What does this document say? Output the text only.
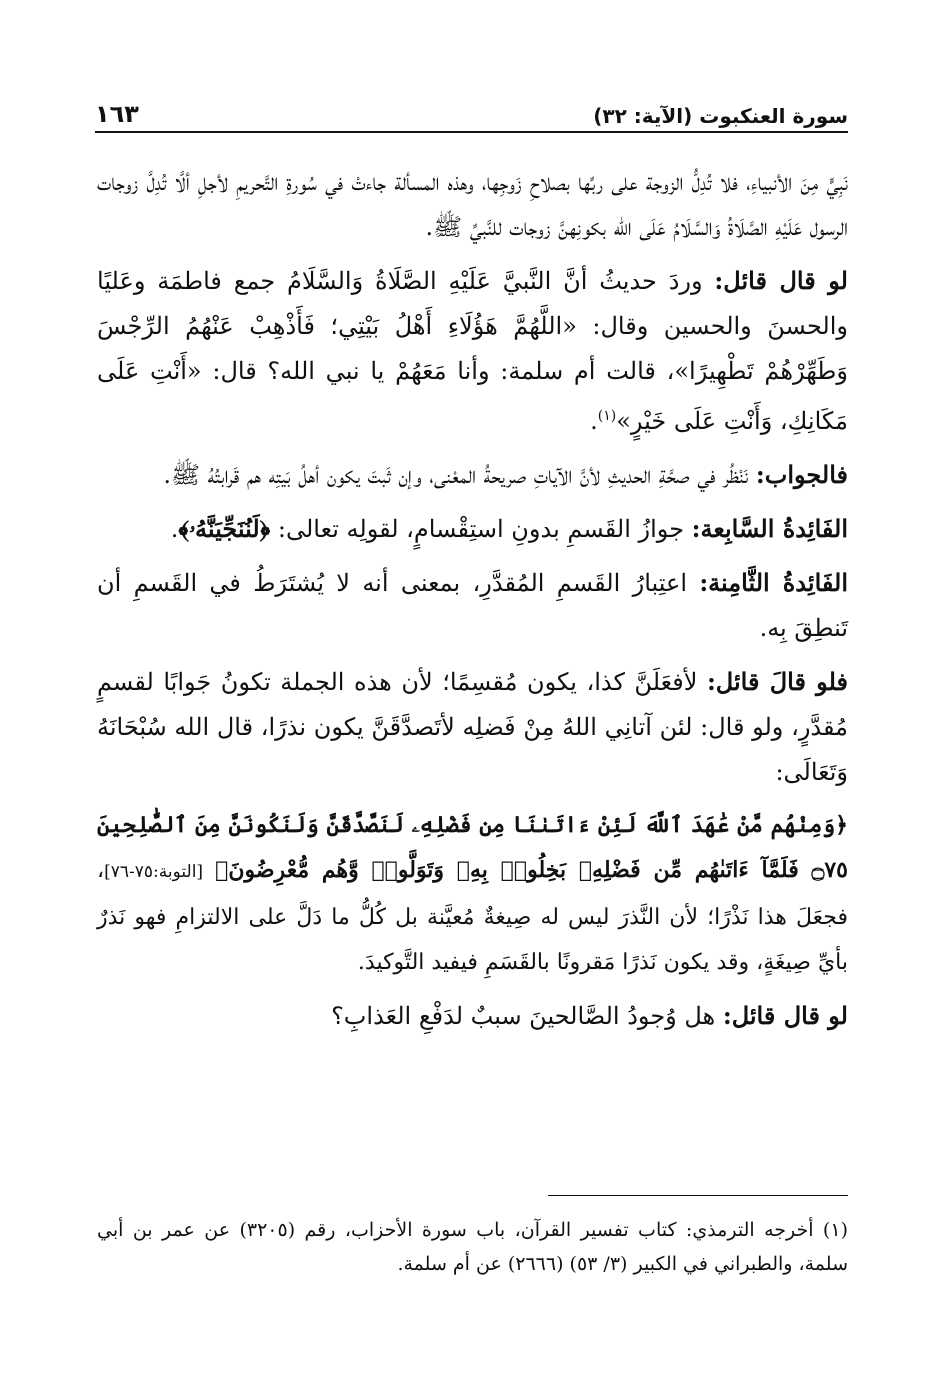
سورة العنكبوت (الآية: ٣٢)
١٦٣

نَبِيٍّ مِنَ الأنبياءِ، فلا تُدِلُّ الزوجة على ربِّها بصلاحِ زَوجِها، وهذه المسألة جاءتْ في سُورةِ التَّحريمِ لأجلِ ألَّا تُدِلَّ زوجات الرسول عَلَيْهِ الصَّلَاةُ وَالسَّلَامُ عَلَى الله بكونِهنَّ زوجات للنَّبيِّ ﷺ.

لو قال قائل: وردَ حديثُ أنَّ النَّبيَّ عَلَيْهِ الصَّلَاةُ وَالسَّلَامُ جمع فاطمَة وعَليًا والحسنَ والحسين وقال: «اللَّهُمَّ هَؤُلَاءِ أَهْلُ بَيْتِي؛ فَأَذْهِبْ عَنْهُمُ الرِّجْسَ وَطَهِّرْهُمْ تَطْهِيرًا»، قالت أم سلمة: وأنا مَعَهُمْ يا نبي الله؟ قال: «أَنْتِ عَلَى مَكَانِكِ، وَأَنْتِ عَلَى خَيْرٍ»$^{(١)}$.

فالجواب: نَنْظُر في صحَّةِ الحديثِ لأنَّ الآياتِ صريحةُ المعْنى، وإن ثَبتَ يكون أهلُ بَيتِه هم قَرابتُهُ ﷺ.

الفَائِدةُ السَّابِعة: جوازُ القَسمِ بدونِ استِقْسامٍ، لقولِه تعالى: ﴿لَنُنَجِّيَنَّهُۥ﴾.

الفَائِدةُ الثَّامِنة: اعتِبارُ القَسمِ المُقدَّرِ، بمعنى أنه لا يُشتَرَطُ في القَسمِ أن تَنطِقَ بِه.

فلو قالَ قائل: لأفعَلَنَّ كذا، يكون مُقسِمًا؛ لأن هذه الجملة تكونُ جَوابًا لقسمٍ مُقدَّرٍ، ولو قال: لئن آتانِي اللهُ مِنْ فَضلِه لأتَصدَّقَنَّ يكون نذرًا، قال الله سُبْحَانَهُ وَتَعَالَى:

﴿وَمِنْهُم مَّنْ عَٰهَدَ ٱللَّهَ لَئِنْ ءَاتَىٰنَا مِن فَضْلِهِۦ لَنَصَّدَّقَنَّ وَلَنَكُونَنَّ مِنَ ٱلصَّٰلِحِينَ ۝٧٥ فَلَمَّآ ءَاتَىٰهُم مِّن فَضْلِهِۦ بَخِلُوا۟ بِهِۦ وَتَوَلَّوا۟ وَّهُم مُّعْرِضُونَ﴾ [التوبة:٧٥-٧٦]، فجعَلَ هذا نَذْرًا؛ لأن النَّذرَ ليس له صِيغةٌ مُعيَّنة بل كُلُّ ما دَلَّ على الالتزامِ فهو نَذرٌ بأيِّ صِيغَةٍ، وقد يكون نَذرًا مَقرونًا بالقَسَمِ فيفيد التَّوكيدَ.

لو قال قائل: هل وُجودُ الصَّالحينَ سببٌ لدَفْعِ العَذابِ؟

(١) أخرجه الترمذي: كتاب تفسير القرآن، باب سورة الأحزاب، رقم (٣٢٠٥) عن عمر بن أبي سلمة، والطبراني في الكبير (٣/ ٥٣) (٢٦٦٦) عن أم سلمة.
